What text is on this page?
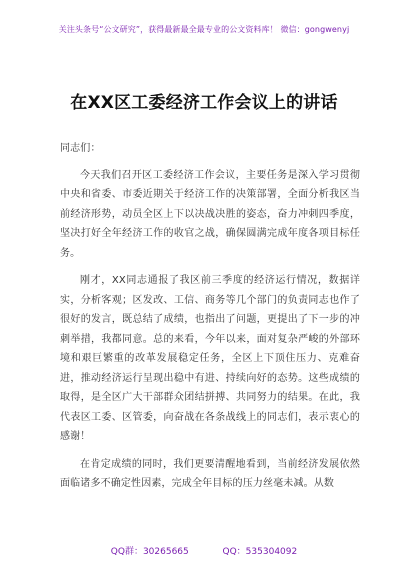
关注头条号“公文研究”，获得最新最全最专业的公文资料库！ 微信：gongwenyj
在XX区工委经济工作会议上的讲话

同志们：

今天我们召开区工委经济工作会议，主要任务是深入学习贯彻中央和省委、市委近期关于经济工作的决策部署，全面分析我区当前经济形势，动员全区上下以决战决胜的姿态，奋力冲刺四季度，坚决打好全年经济工作的收官之战，确保圆满完成年度各项目标任务。

刚才，XX同志通报了我区前三季度的经济运行情况，数据详实，分析客观；区发改、工信、商务等几个部门的负责同志也作了很好的发言，既总结了成绩，也指出了问题，更提出了下一步的冲刺举措，我都同意。总的来看，今年以来，面对复杂严峻的外部环境和艰巨繁重的改革发展稳定任务，全区上下顶住压力、克难奋进，推动经济运行呈现出稳中有进、持续向好的态势。这些成绩的取得，是全区广大干部群众团结拼搏、共同努力的结果。在此，我代表区工委、区管委，向奋战在各条战线上的同志们，表示衷心的感谢！

在肯定成绩的同时，我们更要清醒地看到，当前经济发展依然面临诸多不确定性因素，完成全年目标的压力丝毫未减。从数

QQ群：30265665	QQ：535304092
